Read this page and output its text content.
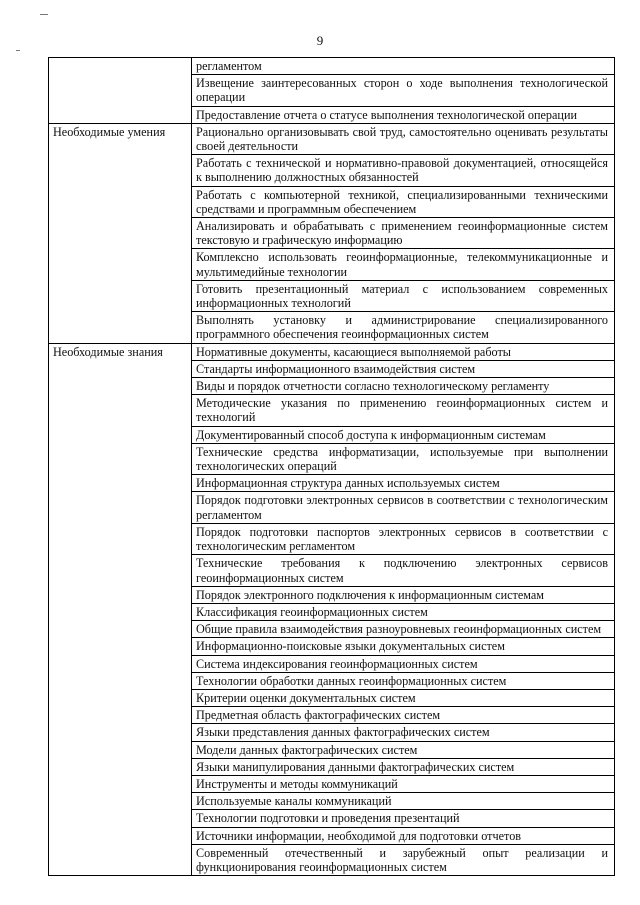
9
	регламентом
	Извещение заинтересованных сторон о ходе выполнения технологической операции
	Предоставление отчета о статусе выполнения технологической операции
Необходимые умения	Рационально организовывать свой труд, самостоятельно оценивать результаты своей деятельности
	Работать с технической и нормативно-правовой документацией, относящейся к выполнению должностных обязанностей
	Работать с компьютерной техникой, специализированными техническими средствами и программным обеспечением
	Анализировать и обрабатывать с применением геоинформационные систем текстовую и графическую информацию
	Комплексно использовать геоинформационные, телекоммуникационные и мультимедийные технологии
	Готовить презентационный материал с использованием современных информационных технологий
	Выполнять установку и администрирование специализированного программного обеспечения геоинформационных систем
Необходимые знания	Нормативные документы, касающиеся выполняемой работы
	Стандарты информационного взаимодействия систем
	Виды и порядок отчетности согласно технологическому регламенту
	Методические указания по применению геоинформационных систем и технологий
	Документированный способ доступа к информационным системам
	Технические средства информатизации, используемые при выполнении технологических операций
	Информационная структура данных используемых систем
	Порядок подготовки электронных сервисов в соответствии с технологическим регламентом
	Порядок подготовки паспортов электронных сервисов в соответствии с технологическим регламентом
	Технические требования к подключению электронных сервисов геоинформационных систем
	Порядок электронного подключения к информационным системам
	Классификация геоинформационных систем
	Общие правила взаимодействия разноуровневых геоинформационных систем
	Информационно-поисковые языки документальных систем
	Система индексирования геоинформационных систем
	Технологии обработки данных геоинформационных систем
	Критерии оценки документальных систем
	Предметная область фактографических систем
	Языки представления данных фактографических систем
	Модели данных фактографических систем
	Языки манипулирования данными фактографических систем
	Инструменты и методы коммуникаций
	Используемые каналы коммуникаций
	Технологии подготовки и проведения презентаций
	Источники информации, необходимой для подготовки отчетов
	Современный отечественный и зарубежный опыт реализации и функционирования геоинформационных систем
